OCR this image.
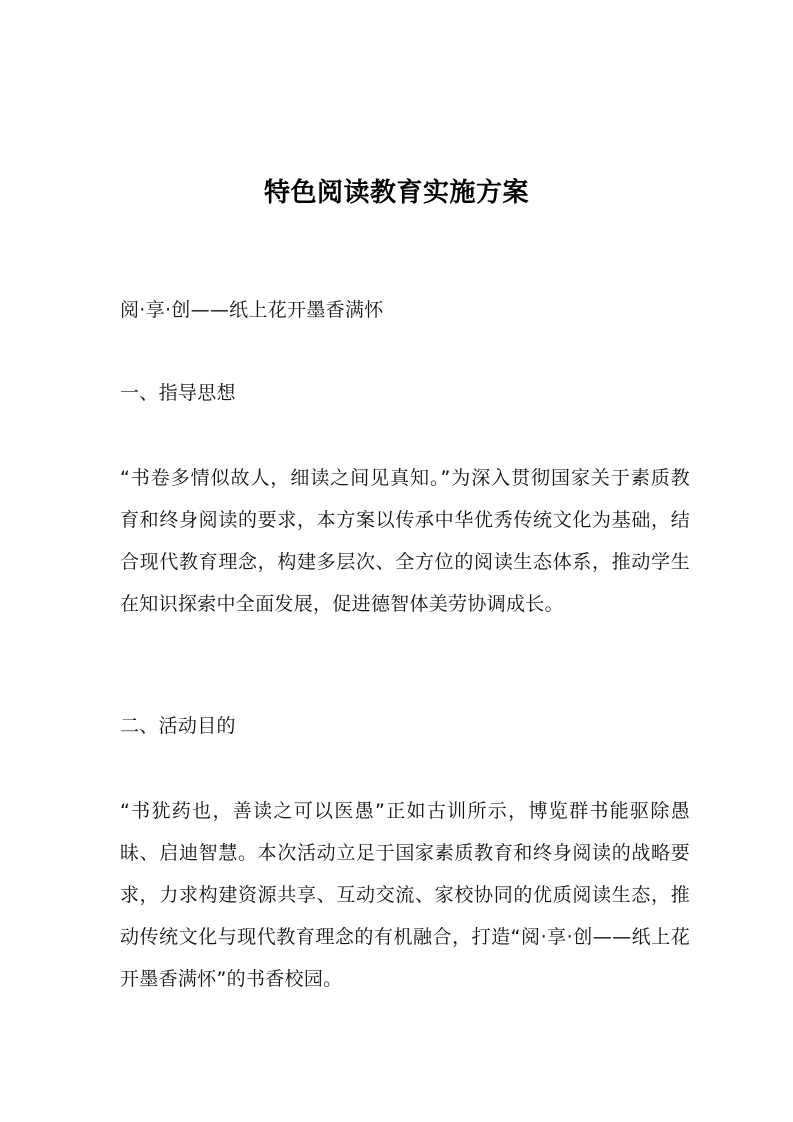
特色阅读教育实施方案

阅·享·创——纸上花开墨香满怀

一、指导思想

“书卷多情似故人，细读之间见真知。”为深入贯彻国家关于素质教育和终身阅读的要求，本方案以传承中华优秀传统文化为基础，结合现代教育理念，构建多层次、全方位的阅读生态体系，推动学生在知识探索中全面发展，促进德智体美劳协调成长。

二、活动目的

“书犹药也，善读之可以医愚”正如古训所示，博览群书能驱除愚昧、启迪智慧。本次活动立足于国家素质教育和终身阅读的战略要求，力求构建资源共享、互动交流、家校协同的优质阅读生态，推动传统文化与现代教育理念的有机融合，打造“阅·享·创——纸上花开墨香满怀”的书香校园。
